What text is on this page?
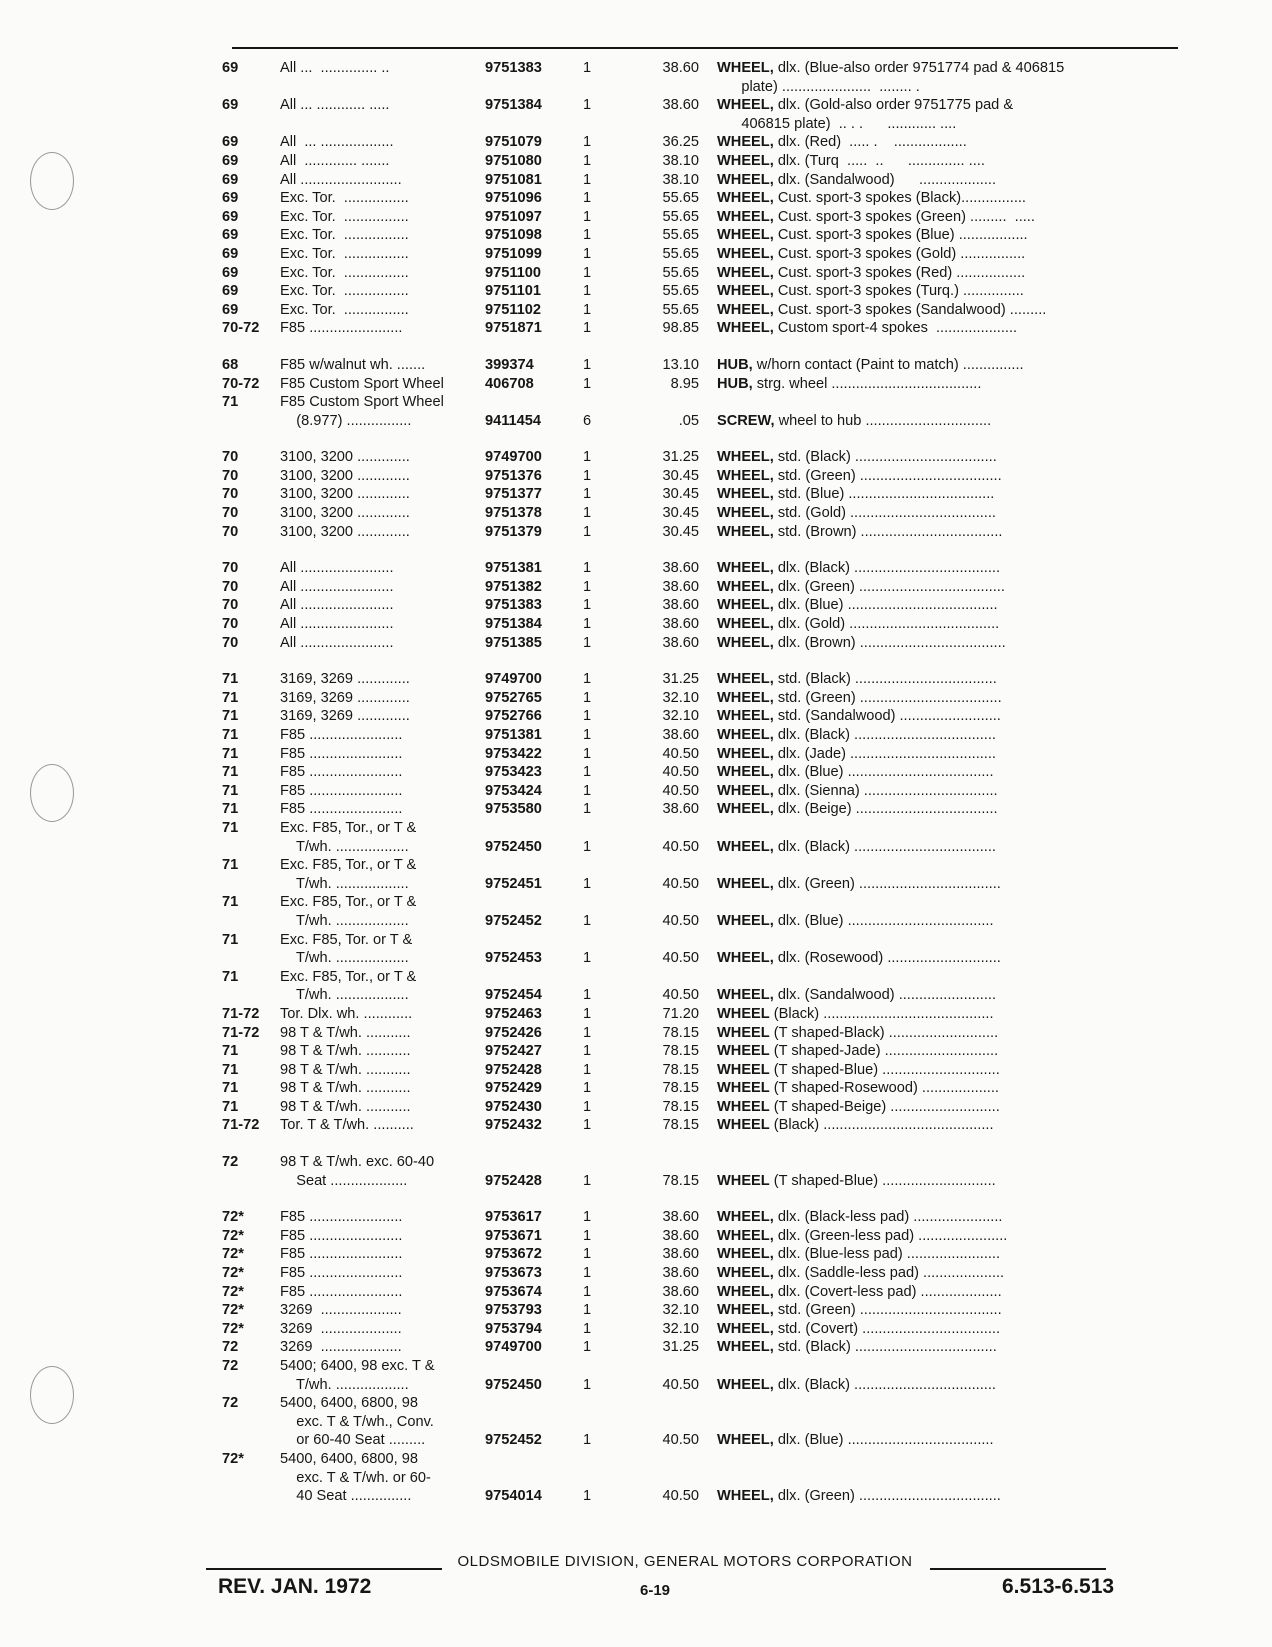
69	All ...  .............. ..	9751383	1	38.60	WHEEL, dlx. (Blue-also order 9751774 pad & 406815
plate) ......................  ........ .
69	All ... ............ .....	9751384	1	38.60	WHEEL, dlx. (Gold-also order 9751775 pad &
406815 plate)  .. . .      ............ ....
69	All  ... ..................	9751079	1	36.25	WHEEL, dlx. (Red)  ..... .    ..................
69	All  ............. .......	9751080	1	38.10	WHEEL, dlx. (Turq  .....  ..      .............. ....
69	All .........................	9751081	1	38.10	WHEEL, dlx. (Sandalwood)      ...................
69	Exc. Tor.  ................	9751096	1	55.65	WHEEL, Cust. sport-3 spokes (Black)................
69	Exc. Tor.  ................	9751097	1	55.65	WHEEL, Cust. sport-3 spokes (Green) .........  .....
69	Exc. Tor.  ................	9751098	1	55.65	WHEEL, Cust. sport-3 spokes (Blue) .................
69	Exc. Tor.  ................	9751099	1	55.65	WHEEL, Cust. sport-3 spokes (Gold) ................
69	Exc. Tor.  ................	9751100	1	55.65	WHEEL, Cust. sport-3 spokes (Red) .................
69	Exc. Tor.  ................	9751101	1	55.65	WHEEL, Cust. sport-3 spokes (Turq.) ...............
69	Exc. Tor.  ................	9751102	1	55.65	WHEEL, Cust. sport-3 spokes (Sandalwood) .........
70-72	F85 .......................	9751871	1	98.85	WHEEL, Custom sport-4 spokes  ....................
68	F85 w/walnut wh. .......	399374	1	13.10	HUB, w/horn contact (Paint to match) ...............
70-72	F85 Custom Sport Wheel	406708	1	8.95	HUB, strg. wheel .....................................
71	F85 Custom Sport Wheel
(8.977) ................	9411454	6	.05	SCREW, wheel to hub ...............................
70	3100, 3200 .............	9749700	1	31.25	WHEEL, std. (Black) ...................................
70	3100, 3200 .............	9751376	1	30.45	WHEEL, std. (Green) ...................................
70	3100, 3200 .............	9751377	1	30.45	WHEEL, std. (Blue) ....................................
70	3100, 3200 .............	9751378	1	30.45	WHEEL, std. (Gold) ....................................
70	3100, 3200 .............	9751379	1	30.45	WHEEL, std. (Brown) ...................................
70	All .......................	9751381	1	38.60	WHEEL, dlx. (Black) ....................................
70	All .......................	9751382	1	38.60	WHEEL, dlx. (Green) ....................................
70	All .......................	9751383	1	38.60	WHEEL, dlx. (Blue) .....................................
70	All .......................	9751384	1	38.60	WHEEL, dlx. (Gold) .....................................
70	All .......................	9751385	1	38.60	WHEEL, dlx. (Brown) ....................................
71	3169, 3269 .............	9749700	1	31.25	WHEEL, std. (Black) ...................................
71	3169, 3269 .............	9752765	1	32.10	WHEEL, std. (Green) ...................................
71	3169, 3269 .............	9752766	1	32.10	WHEEL, std. (Sandalwood) .........................
71	F85 .......................	9751381	1	38.60	WHEEL, dlx. (Black) ...................................
71	F85 .......................	9753422	1	40.50	WHEEL, dlx. (Jade) ....................................
71	F85 .......................	9753423	1	40.50	WHEEL, dlx. (Blue) ....................................
71	F85 .......................	9753424	1	40.50	WHEEL, dlx. (Sienna) .................................
71	F85 .......................	9753580	1	38.60	WHEEL, dlx. (Beige) ...................................
71	Exc. F85, Tor., or T &
T/wh. ..................	9752450	1	40.50	WHEEL, dlx. (Black) ...................................
71	Exc. F85, Tor., or T &
T/wh. ..................	9752451	1	40.50	WHEEL, dlx. (Green) ...................................
71	Exc. F85, Tor., or T &
T/wh. ..................	9752452	1	40.50	WHEEL, dlx. (Blue) ....................................
71	Exc. F85, Tor. or T &
T/wh. ..................	9752453	1	40.50	WHEEL, dlx. (Rosewood) ............................
71	Exc. F85, Tor., or T &
T/wh. ..................	9752454	1	40.50	WHEEL, dlx. (Sandalwood) ........................
71-72	Tor. Dlx. wh. ............	9752463	1	71.20	WHEEL (Black) ..........................................
71-72	98 T & T/wh. ...........	9752426	1	78.15	WHEEL (T shaped-Black) ...........................
71	98 T & T/wh. ...........	9752427	1	78.15	WHEEL (T shaped-Jade) ............................
71	98 T & T/wh. ...........	9752428	1	78.15	WHEEL (T shaped-Blue) .............................
71	98 T & T/wh. ...........	9752429	1	78.15	WHEEL (T shaped-Rosewood) ...................
71	98 T & T/wh. ...........	9752430	1	78.15	WHEEL (T shaped-Beige) ...........................
71-72	Tor. T & T/wh. ..........	9752432	1	78.15	WHEEL (Black) ..........................................
72	98 T & T/wh. exc. 60-40
Seat ...................	9752428	1	78.15	WHEEL (T shaped-Blue) ............................
72*	F85 .......................	9753617	1	38.60	WHEEL, dlx. (Black-less pad) ......................
72*	F85 .......................	9753671	1	38.60	WHEEL, dlx. (Green-less pad) ......................
72*	F85 .......................	9753672	1	38.60	WHEEL, dlx. (Blue-less pad) .......................
72*	F85 .......................	9753673	1	38.60	WHEEL, dlx. (Saddle-less pad) ....................
72*	F85 .......................	9753674	1	38.60	WHEEL, dlx. (Covert-less pad) ....................
72*	3269  ....................	9753793	1	32.10	WHEEL, std. (Green) ...................................
72*	3269  ....................	9753794	1	32.10	WHEEL, std. (Covert) ..................................
72	3269  ....................	9749700	1	31.25	WHEEL, std. (Black) ...................................
72	5400; 6400, 98 exc. T &
T/wh. ..................	9752450	1	40.50	WHEEL, dlx. (Black) ...................................
72	5400, 6400, 6800, 98
exc. T & T/wh., Conv.
or 60-40 Seat .........	9752452	1	40.50	WHEEL, dlx. (Blue) ....................................
72*	5400, 6400, 6800, 98
exc. T & T/wh. or 60-
40 Seat ...............	9754014	1	40.50	WHEEL, dlx. (Green) ...................................
OLDSMOBILE DIVISION, GENERAL MOTORS CORPORATION
REV. JAN. 1972	6-19	6.513-6.513
